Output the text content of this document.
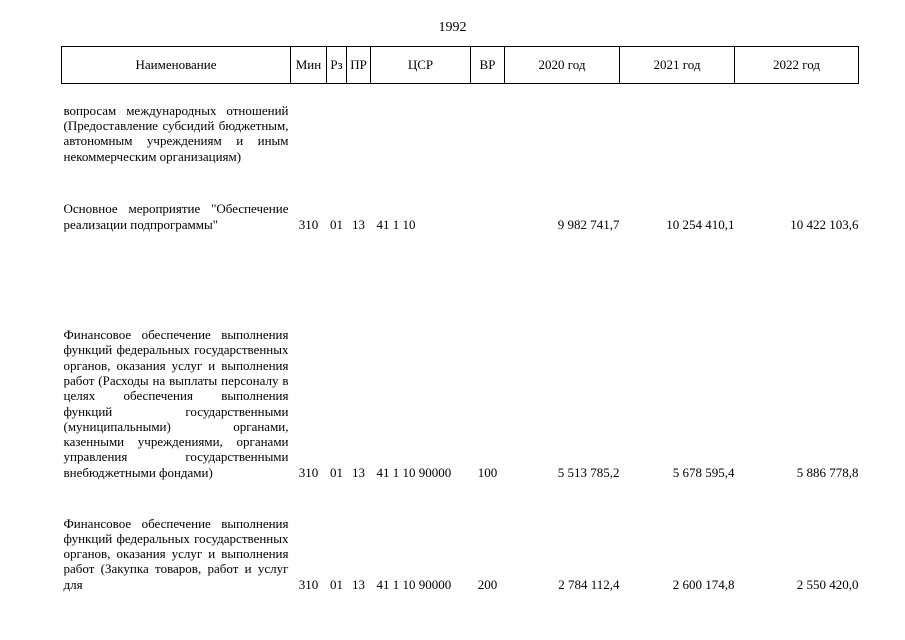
1992
Наименование	Мин	Рз	ПР	ЦСР	ВР	2020 год	2021 год	2022 год
вопросам международных отношений (Предоставление субсидий бюджетным, автономным учреждениям и иным некоммерческим организациям)								

Основное мероприятие "Обеспечение реализации подпрограммы"	310	01	13	41 1 10		9 982 741,7	10 254 410,1	10 422 103,6

Финансовое обеспечение выполнения функций федеральных государственных органов, оказания услуг и выполнения работ (Расходы на выплаты персоналу в целях обеспечения выполнения функций государственными (муниципальными) органами, казенными учреждениями, органами управления государственными внебюджетными фондами)	310	01	13	41 1 10 90000	100	5 513 785,2	5 678 595,4	5 886 778,8

Финансовое обеспечение выполнения функций федеральных государственных органов, оказания услуг и выполнения работ (Закупка товаров, работ и услуг для	310	01	13	41 1 10 90000	200	2 784 112,4	2 600 174,8	2 550 420,0
